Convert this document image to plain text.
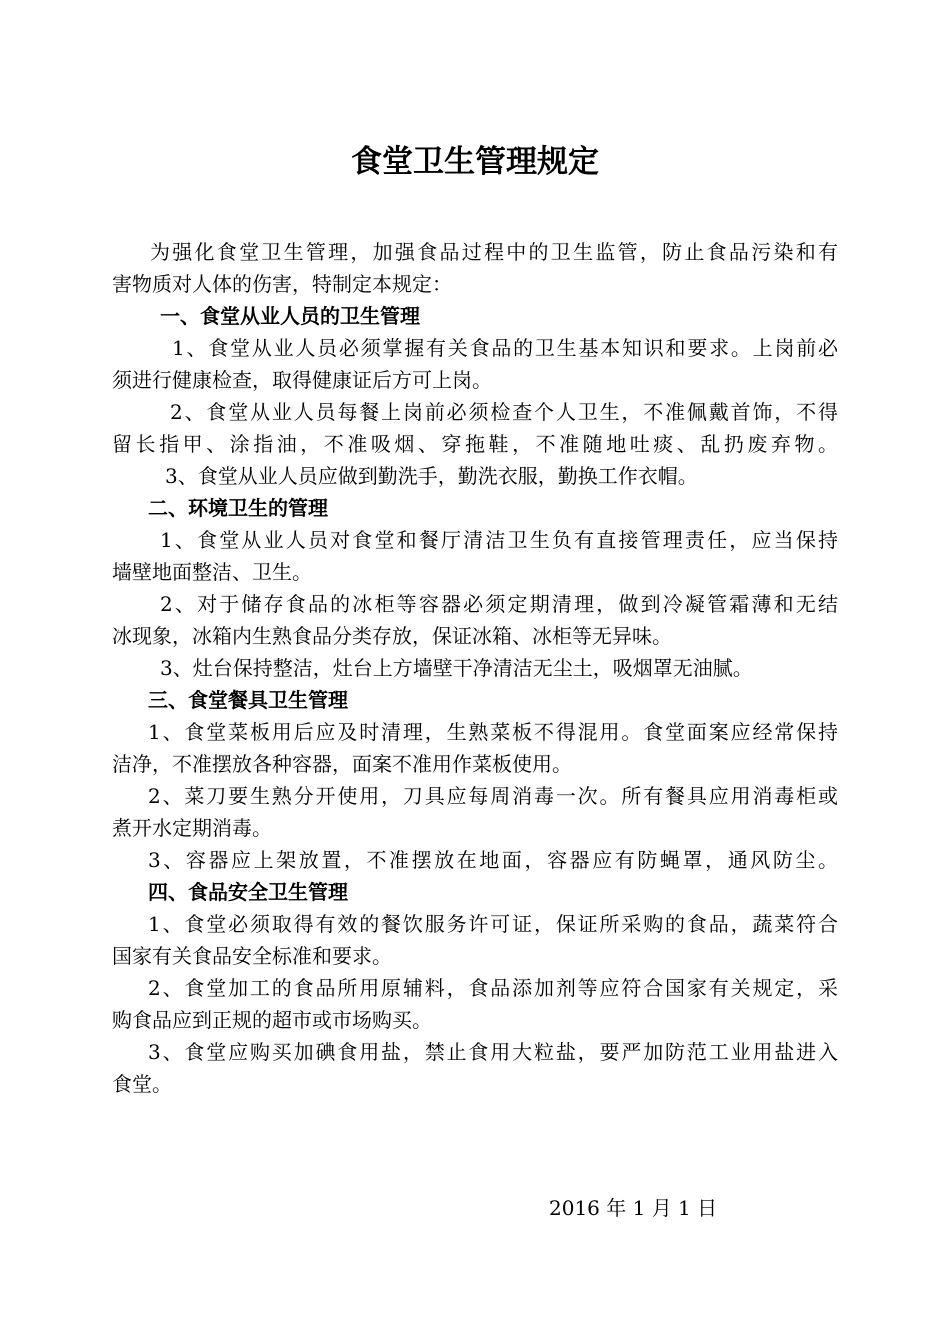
食堂卫生管理规定
为强化食堂卫生管理，加强食品过程中的卫生监管，防止食品污染和有
害物质对人体的伤害，特制定本规定：
一、食堂从业人员的卫生管理
1、食堂从业人员必须掌握有关食品的卫生基本知识和要求。上岗前必
须进行健康检查，取得健康证后方可上岗。
2、食堂从业人员每餐上岗前必须检查个人卫生，不准佩戴首饰，不得
留长指甲、涂指油，不准吸烟、穿拖鞋，不准随地吐痰、乱扔废弃物。
3、食堂从业人员应做到勤洗手，勤洗衣服，勤换工作衣帽。
二、环境卫生的管理
1、食堂从业人员对食堂和餐厅清洁卫生负有直接管理责任，应当保持
墙壁地面整洁、卫生。
2、对于储存食品的冰柜等容器必须定期清理，做到冷凝管霜薄和无结
冰现象，冰箱内生熟食品分类存放，保证冰箱、冰柜等无异味。
3、灶台保持整洁，灶台上方墙壁干净清洁无尘土，吸烟罩无油腻。
三、食堂餐具卫生管理
1、食堂菜板用后应及时清理，生熟菜板不得混用。食堂面案应经常保持
洁净，不准摆放各种容器，面案不准用作菜板使用。
2、菜刀要生熟分开使用，刀具应每周消毒一次。所有餐具应用消毒柜或
煮开水定期消毒。
3、容器应上架放置，不准摆放在地面，容器应有防蝇罩，通风防尘。
四、食品安全卫生管理
1、食堂必须取得有效的餐饮服务许可证，保证所采购的食品，蔬菜符合
国家有关食品安全标准和要求。
2、食堂加工的食品所用原辅料，食品添加剂等应符合国家有关规定，采
购食品应到正规的超市或市场购买。
3、食堂应购买加碘食用盐，禁止食用大粒盐，要严加防范工业用盐进入
食堂。
2016 年 1 月 1 日
